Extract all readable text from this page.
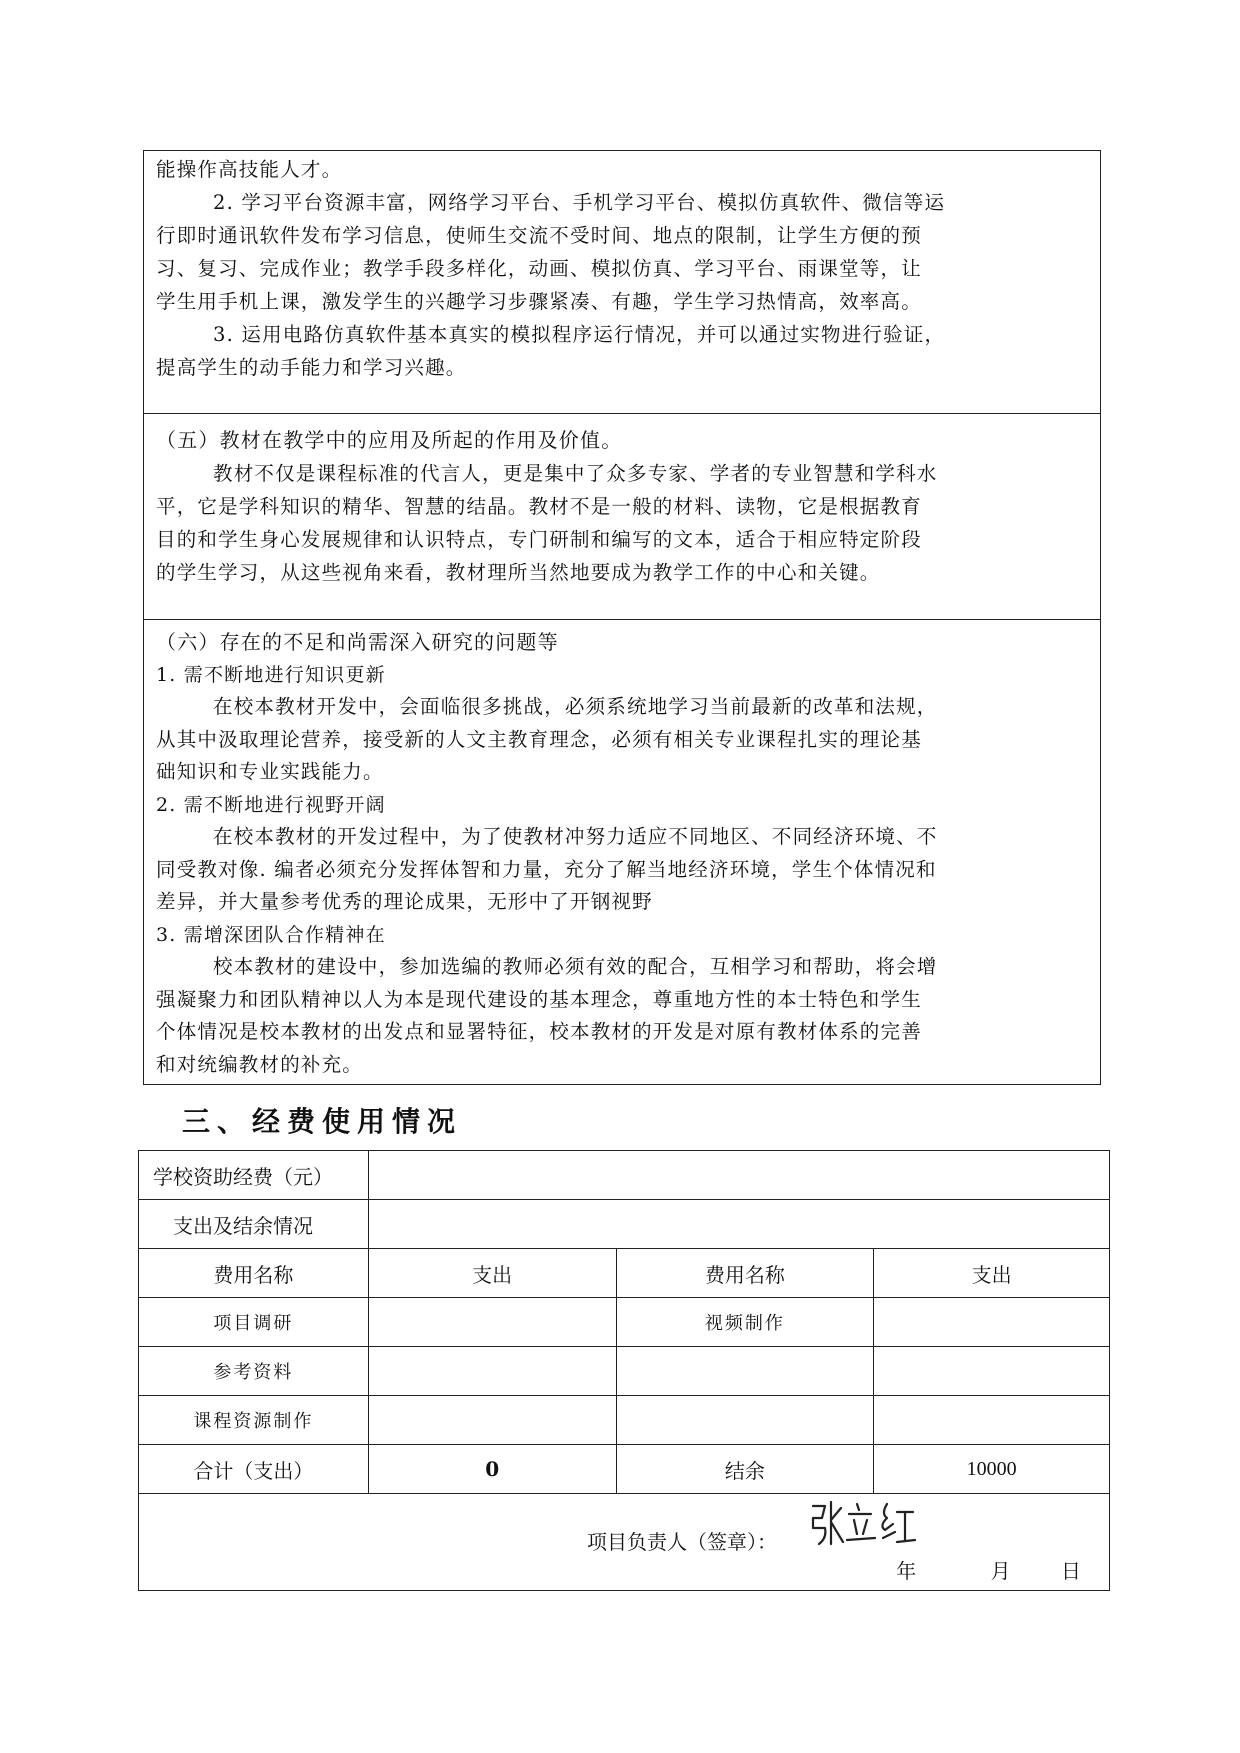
能操作高技能人才。

2. 学习平台资源丰富，网络学习平台、手机学习平台、模拟仿真软件、微信等运

行即时通讯软件发布学习信息，使师生交流不受时间、地点的限制，让学生方便的预

习、复习、完成作业；教学手段多样化，动画、模拟仿真、学习平台、雨课堂等，让

学生用手机上课，激发学生的兴趣学习步骤紧凑、有趣，学生学习热情高，效率高。

3. 运用电路仿真软件基本真实的模拟程序运行情况，并可以通过实物进行验证，

提高学生的动手能力和学习兴趣。

（五）教材在教学中的应用及所起的作用及价值。

教材不仅是课程标准的代言人，更是集中了众多专家、学者的专业智慧和学科水

平，它是学科知识的精华、智慧的结晶。教材不是一般的材料、读物，它是根据教育

目的和学生身心发展规律和认识特点，专门研制和编写的文本，适合于相应特定阶段

的学生学习，从这些视角来看，教材理所当然地要成为教学工作的中心和关键。

（六）存在的不足和尚需深入研究的问题等

1. 需不断地进行知识更新

在校本教材开发中，会面临很多挑战，必须系统地学习当前最新的改革和法规，

从其中汲取理论营养，接受新的人文主教育理念，必须有相关专业课程扎实的理论基

础知识和专业实践能力。

2. 需不断地进行视野开阔

在校本教材的开发过程中，为了使教材冲努力适应不同地区、不同经济环境、不

同受教对像. 编者必须充分发挥体智和力量，充分了解当地经济环境，学生个体情况和

差异，并大量参考优秀的理论成果，无形中了开钢视野

3. 需增深团队合作精神在

校本教材的建设中，参加选编的教师必须有效的配合，互相学习和帮助，将会增

强凝聚力和团队精神以人为本是现代建设的基本理念，尊重地方性的本士特色和学生

个体情况是校本教材的出发点和显署特征，校本教材的开发是对原有教材体系的完善

和对统编教材的补充。

三、经费使用情况
学校资助经费（元）			
支出及结余情况			
费用名称	支出	费用名称	支出
项目调研		视频制作	
参考资料			
课程资源制作			
合计（支出）	0	结余	10000

项目负责人（签章）：
年 月 日			
